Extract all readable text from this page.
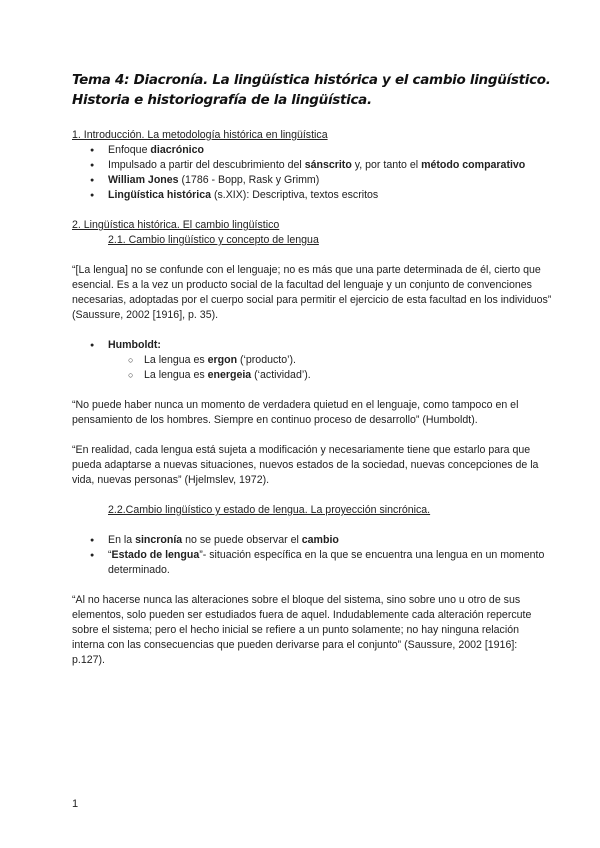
Tema 4: Diacronía. La lingüística histórica y el cambio lingüístico. Historia e historiografía de la lingüística.

1. Introducción. La metodología histórica en lingüística

● Enfoque diacrónico
● Impulsado a partir del descubrimiento del sánscrito y, por tanto el método comparativo
● William Jones (1786 - Bopp, Rask y Grimm)
● Lingüística histórica (s.XIX): Descriptiva, textos escritos

2. Lingüística histórica. El cambio lingüístico

2.1. Cambio lingüístico y concepto de lengua

“[La lengua] no se confunde con el lenguaje; no es más que una parte determinada de él, cierto que esencial. Es a la vez un producto social de la facultad del lenguaje y un conjunto de convenciones necesarias, adoptadas por el cuerpo social para permitir el ejercicio de esta facultad en los individuos” (Saussure, 2002 [1916], p. 35).

● Humboldt:
○ La lengua es ergon (‘producto’).
○ La lengua es energeia (‘actividad’).

“No puede haber nunca un momento de verdadera quietud en el lenguaje, como tampoco en el pensamiento de los hombres. Siempre en continuo proceso de desarrollo” (Humboldt).

“En realidad, cada lengua está sujeta a modificación y necesariamente tiene que estarlo para que pueda adaptarse a nuevas situaciones, nuevos estados de la sociedad, nuevas concepciones de la vida, nuevas personas” (Hjelmslev, 1972).

2.2.Cambio lingüístico y estado de lengua. La proyección sincrónica.

● En la sincronía no se puede observar el cambio
● “Estado de lengua”- situación específica en la que se encuentra una lengua en un momento determinado.

“Al no hacerse nunca las alteraciones sobre el bloque del sistema, sino sobre uno u otro de sus elementos, solo pueden ser estudiados fuera de aquel. Indudablemente cada alteración repercute sobre el sistema; pero el hecho inicial se refiere a un punto solamente; no hay ninguna relación interna con las consecuencias que pueden derivarse para el conjunto” (Saussure, 2002 [1916]: p.127).

1
